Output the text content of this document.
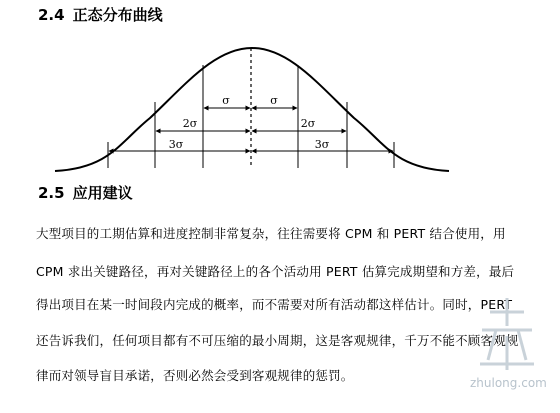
2.4 正态分布曲线
σ	σ
2σ	2σ
3σ	3σ
2.5 应用建议
大型项目的工期估算和进度控制非常复杂，往往需要将 CPM 和 PERT 结合使用，用
CPM 求出关键路径，再对关键路径上的各个活动用 PERT 估算完成期望和方差，最后
得出项目在某一时间段内完成的概率，而不需要对所有活动都这样估计。同时，PERT
还告诉我们，任何项目都有不可压缩的最小周期，这是客观规律，千万不能不顾客观规
律而对领导盲目承诺，否则必然会受到客观规律的惩罚。	zhulong.com
